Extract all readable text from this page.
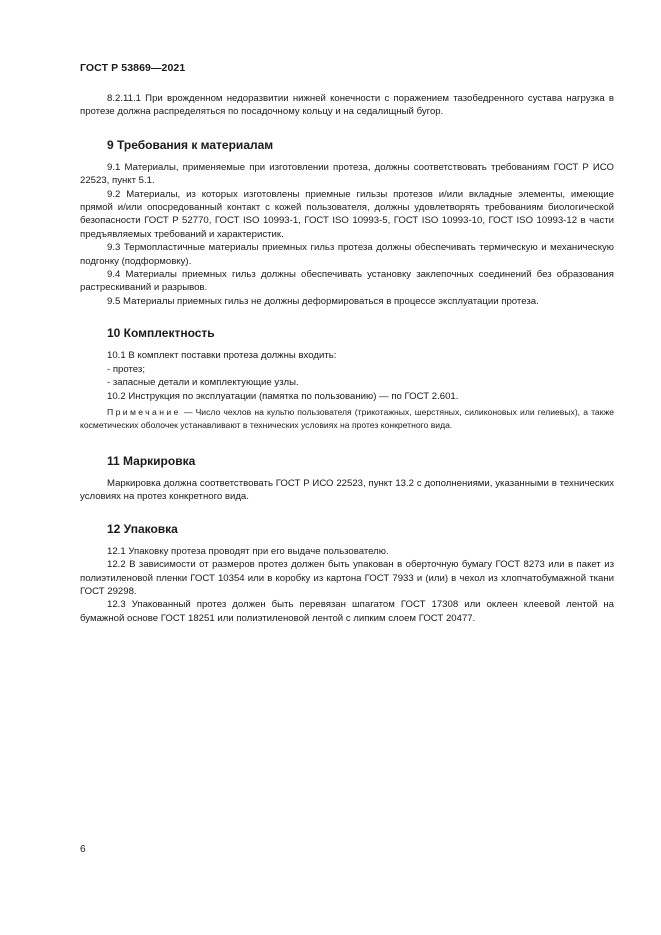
ГОСТ Р 53869—2021

8.2.11.1 При врожденном недоразвитии нижней конечности с поражением тазобедренного сустава нагрузка в протезе должна распределяться по посадочному кольцу и на седалищный бугор.

9 Требования к материалам

9.1 Материалы, применяемые при изготовлении протеза, должны соответствовать требованиям ГОСТ Р ИСО 22523, пункт 5.1.

9.2 Материалы, из которых изготовлены приемные гильзы протезов и/или вкладные элементы, имеющие прямой и/или опосредованный контакт с кожей пользователя, должны удовлетворять требованиям биологической безопасности ГОСТ Р 52770, ГОСТ ISO 10993-1, ГОСТ ISO 10993-5, ГОСТ ISO 10993-10, ГОСТ ISO 10993-12 в части предъявляемых требований и характеристик.

9.3 Термопластичные материалы приемных гильз протеза должны обеспечивать термическую и механическую подгонку (подформовку).

9.4 Материалы приемных гильз должны обеспечивать установку заклепочных соединений без образования растрескиваний и разрывов.

9.5 Материалы приемных гильз не должны деформироваться в процессе эксплуатации протеза.

10 Комплектность

10.1 В комплект поставки протеза должны входить:

- протез;

- запасные детали и комплектующие узлы.

10.2 Инструкция по эксплуатации (памятка по пользованию) — по ГОСТ 2.601.

Примечание — Число чехлов на культю пользователя (трикотажных, шерстяных, силиконовых или гелиевых), а также косметических оболочек устанавливают в технических условиях на протез конкретного вида.

11 Маркировка

Маркировка должна соответствовать ГОСТ Р ИСО 22523, пункт 13.2 с дополнениями, указанными в технических условиях на протез конкретного вида.

12 Упаковка

12.1 Упаковку протеза проводят при его выдаче пользователю.

12.2 В зависимости от размеров протез должен быть упакован в оберточную бумагу ГОСТ 8273 или в пакет из полиэтиленовой пленки ГОСТ 10354 или в коробку из картона ГОСТ 7933 и (или) в чехол из хлопчатобумажной ткани ГОСТ 29298.

12.3 Упакованный протез должен быть перевязан шпагатом ГОСТ 17308 или оклеен клеевой лентой на бумажной основе ГОСТ 18251 или полиэтиленовой лентой с липким слоем ГОСТ 20477.

6
